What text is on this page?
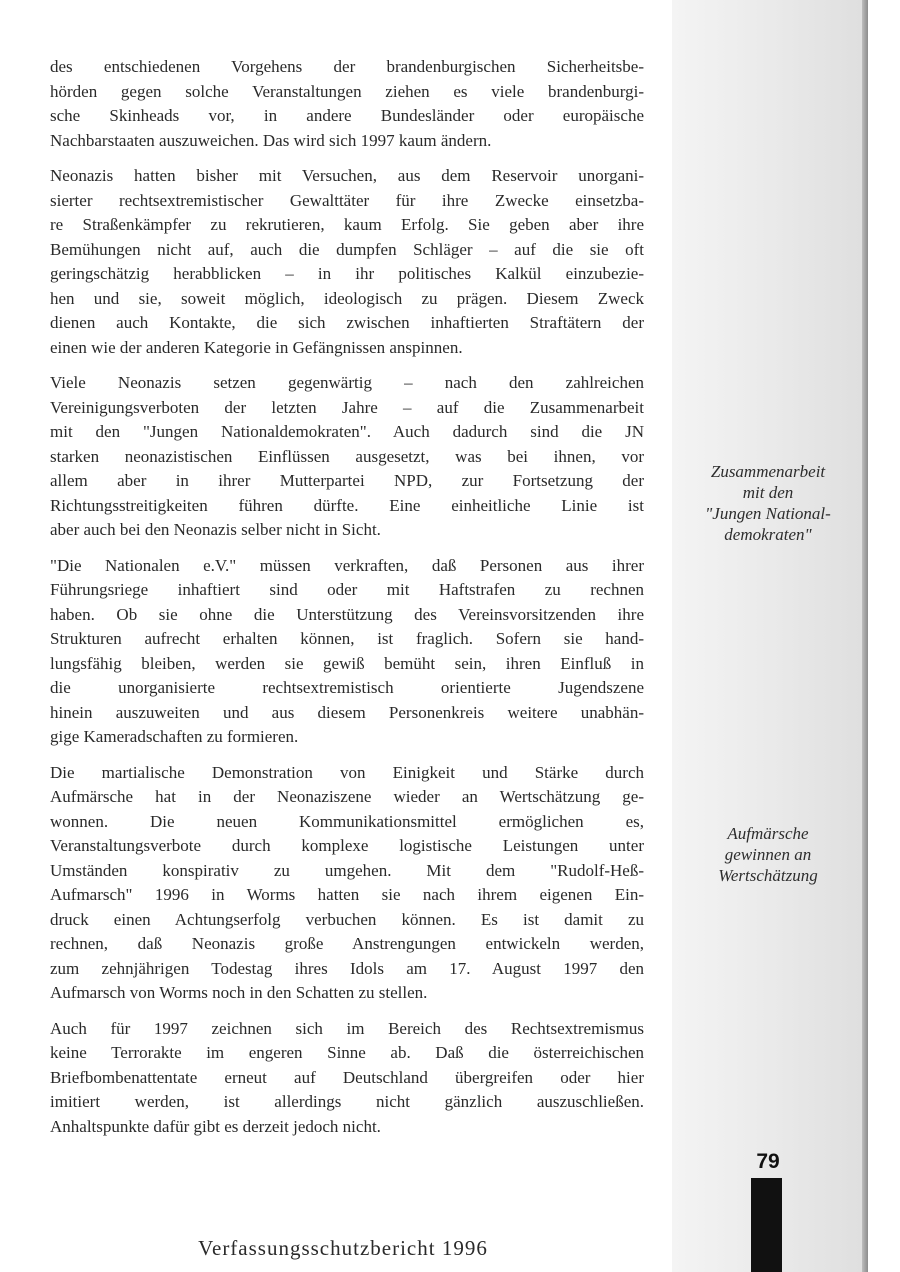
des entschiedenen Vorgehens der brandenburgischen Sicherheitsbe-
hörden gegen solche Veranstaltungen ziehen es viele brandenburgi-
sche Skinheads vor, in andere Bundesländer oder europäische
Nachbarstaaten auszuweichen. Das wird sich 1997 kaum ändern.

Neonazis hatten bisher mit Versuchen, aus dem Reservoir unorgani-
sierter rechtsextremistischer Gewalttäter für ihre Zwecke einsetzba-
re Straßenkämpfer zu rekrutieren, kaum Erfolg. Sie geben aber ihre
Bemühungen nicht auf, auch die dumpfen Schläger – auf die sie oft
geringschätzig herabblicken – in ihr politisches Kalkül einzubezie-
hen und sie, soweit möglich, ideologisch zu prägen. Diesem Zweck
dienen auch Kontakte, die sich zwischen inhaftierten Straftätern der
einen wie der anderen Kategorie in Gefängnissen anspinnen.

Viele Neonazis setzen gegenwärtig – nach den zahlreichen
Vereinigungsverboten der letzten Jahre – auf die Zusammenarbeit
mit den "Jungen Nationaldemokraten". Auch dadurch sind die JN
starken neonazistischen Einflüssen ausgesetzt, was bei ihnen, vor
allem aber in ihrer Mutterpartei NPD, zur Fortsetzung der
Richtungsstreitigkeiten führen dürfte. Eine einheitliche Linie ist
aber auch bei den Neonazis selber nicht in Sicht.

"Die Nationalen e.V." müssen verkraften, daß Personen aus ihrer
Führungsriege inhaftiert sind oder mit Haftstrafen zu rechnen
haben. Ob sie ohne die Unterstützung des Vereinsvorsitzenden ihre
Strukturen aufrecht erhalten können, ist fraglich. Sofern sie hand-
lungsfähig bleiben, werden sie gewiß bemüht sein, ihren Einfluß in
die unorganisierte rechtsextremistisch orientierte Jugendszene
hinein auszuweiten und aus diesem Personenkreis weitere unabhän-
gige Kameradschaften zu formieren.

Die martialische Demonstration von Einigkeit und Stärke durch
Aufmärsche hat in der Neonaziszene wieder an Wertschätzung ge-
wonnen. Die neuen Kommunikationsmittel ermöglichen es,
Veranstaltungsverbote durch komplexe logistische Leistungen unter
Umständen konspirativ zu umgehen. Mit dem "Rudolf-Heß-
Aufmarsch" 1996 in Worms hatten sie nach ihrem eigenen Ein-
druck einen Achtungserfolg verbuchen können. Es ist damit zu
rechnen, daß Neonazis große Anstrengungen entwickeln werden,
zum zehnjährigen Todestag ihres Idols am 17. August 1997 den
Aufmarsch von Worms noch in den Schatten zu stellen.

Auch für 1997 zeichnen sich im Bereich des Rechtsextremismus
keine Terrorakte im engeren Sinne ab. Daß die österreichischen
Briefbombenattentate erneut auf Deutschland übergreifen oder hier
imitiert werden, ist allerdings nicht gänzlich auszuschließen.
Anhaltspunkte dafür gibt es derzeit jedoch nicht.

Zusammenarbeit
mit den
"Jungen National-
demokraten"
Aufmärsche
gewinnen an
Wertschätzung
79
Verfassungsschutzbericht 1996
